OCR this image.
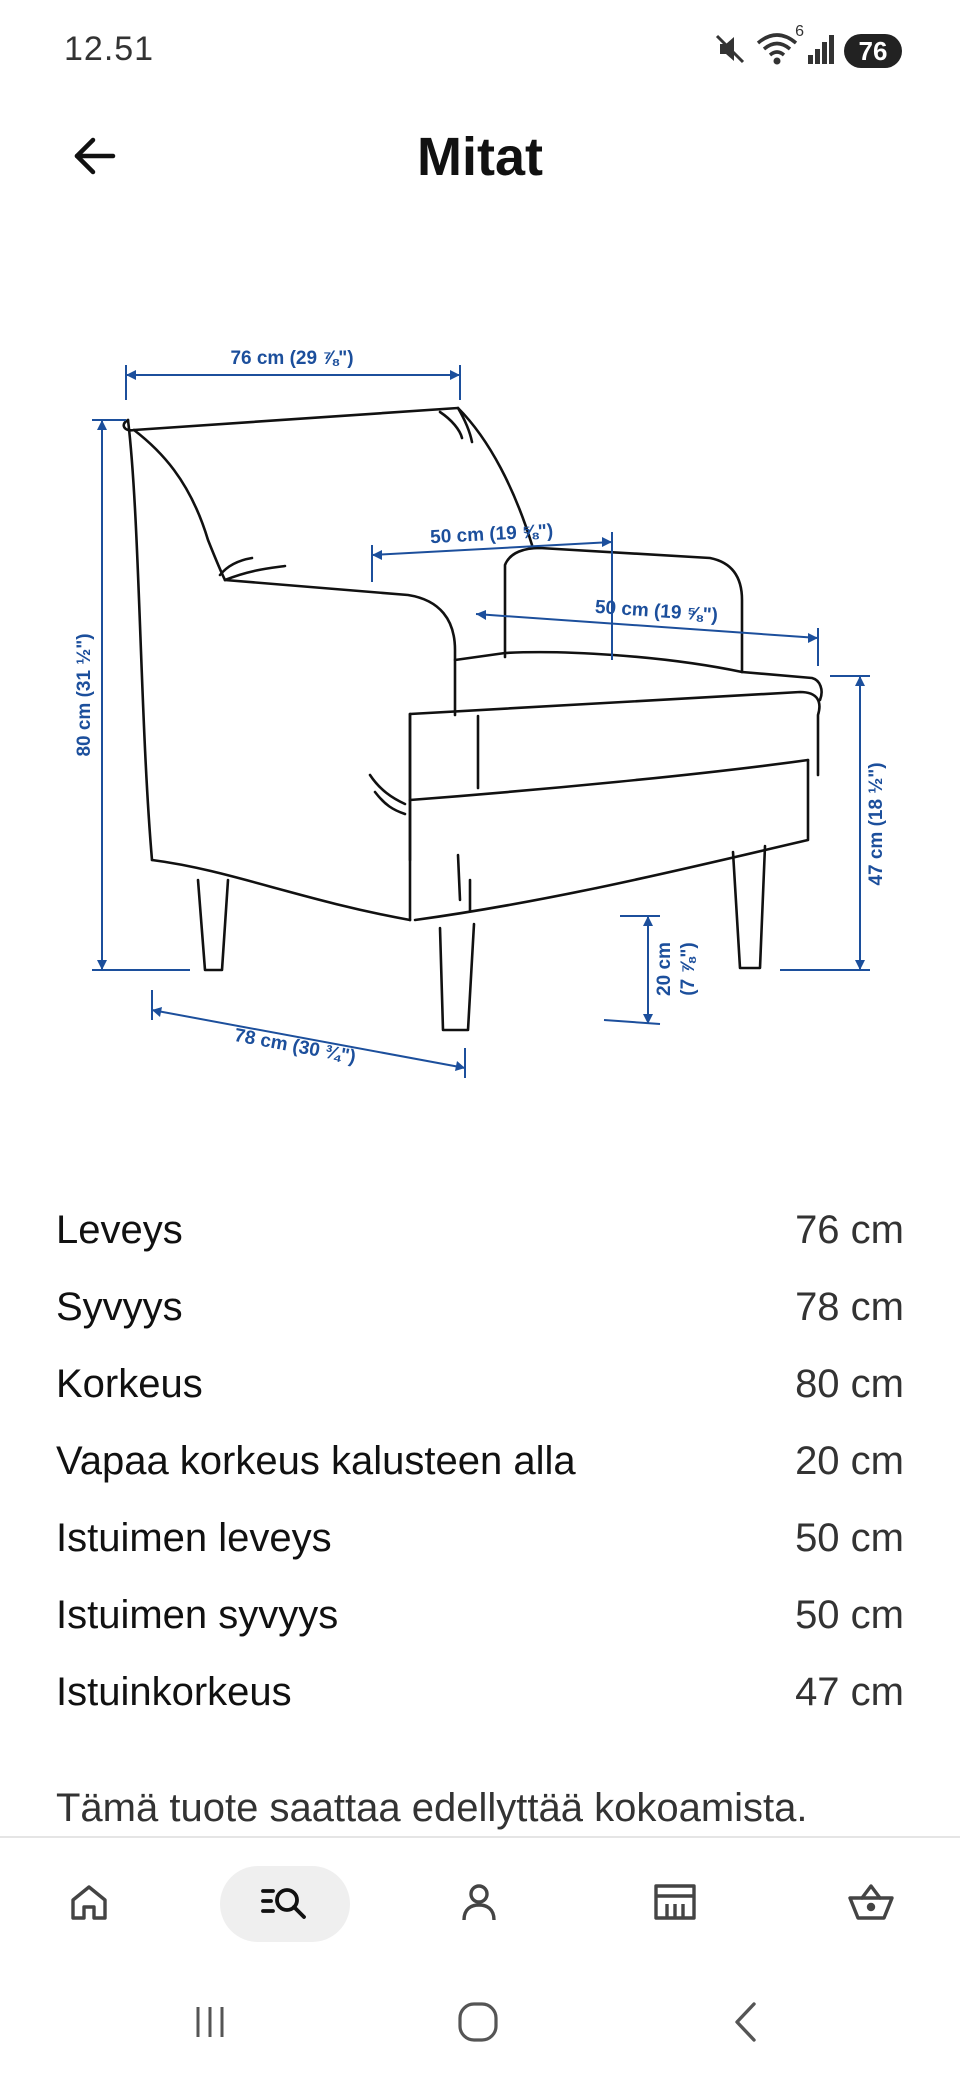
12.51	6
76
Mitat
76 cm (29 ⅞")
80 cm (31 ½")
78 cm (30 ¾")
50 cm (19 ⅝")
50 cm (19 ⅝")
47 cm (18 ½")
20 cm (7 ⅞")
Leveys	76 cm
Syvyys	78 cm
Korkeus	80 cm
Vapaa korkeus kalusteen alla	20 cm
Istuimen leveys	50 cm
Istuimen syvyys	50 cm
Istuinkorkeus	47 cm
Tämä tuote saattaa edellyttää kokoamista.
